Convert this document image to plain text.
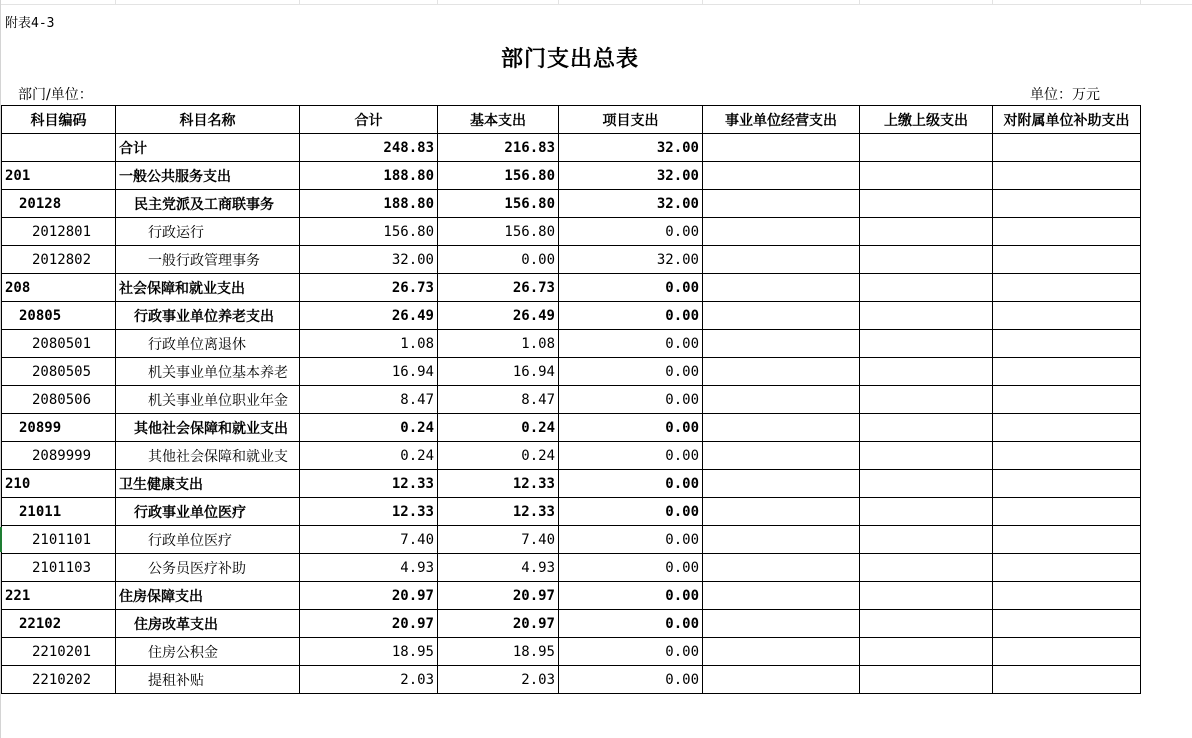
附表4-3
部门支出总表
部门/单位：	单位：万元
科目编码	科目名称	合计	基本支出	项目支出	事业单位经营支出	上缴上级支出	对附属单位补助支出
	合计	248.83	216.83	32.00			
201	一般公共服务支出	188.80	156.80	32.00			
20128	民主党派及工商联事务	188.80	156.80	32.00			
2012801	行政运行	156.80	156.80	0.00			
2012802	一般行政管理事务	32.00	0.00	32.00			
208	社会保障和就业支出	26.73	26.73	0.00			
20805	行政事业单位养老支出	26.49	26.49	0.00			
2080501	行政单位离退休	1.08	1.08	0.00			
2080505	机关事业单位基本养老	16.94	16.94	0.00			
2080506	机关事业单位职业年金	8.47	8.47	0.00			
20899	其他社会保障和就业支出	0.24	0.24	0.00			
2089999	其他社会保障和就业支	0.24	0.24	0.00			
210	卫生健康支出	12.33	12.33	0.00			
21011	行政事业单位医疗	12.33	12.33	0.00			
2101101	行政单位医疗	7.40	7.40	0.00			
2101103	公务员医疗补助	4.93	4.93	0.00			
221	住房保障支出	20.97	20.97	0.00			
22102	住房改革支出	20.97	20.97	0.00			
2210201	住房公积金	18.95	18.95	0.00			
2210202	提租补贴	2.03	2.03	0.00			
